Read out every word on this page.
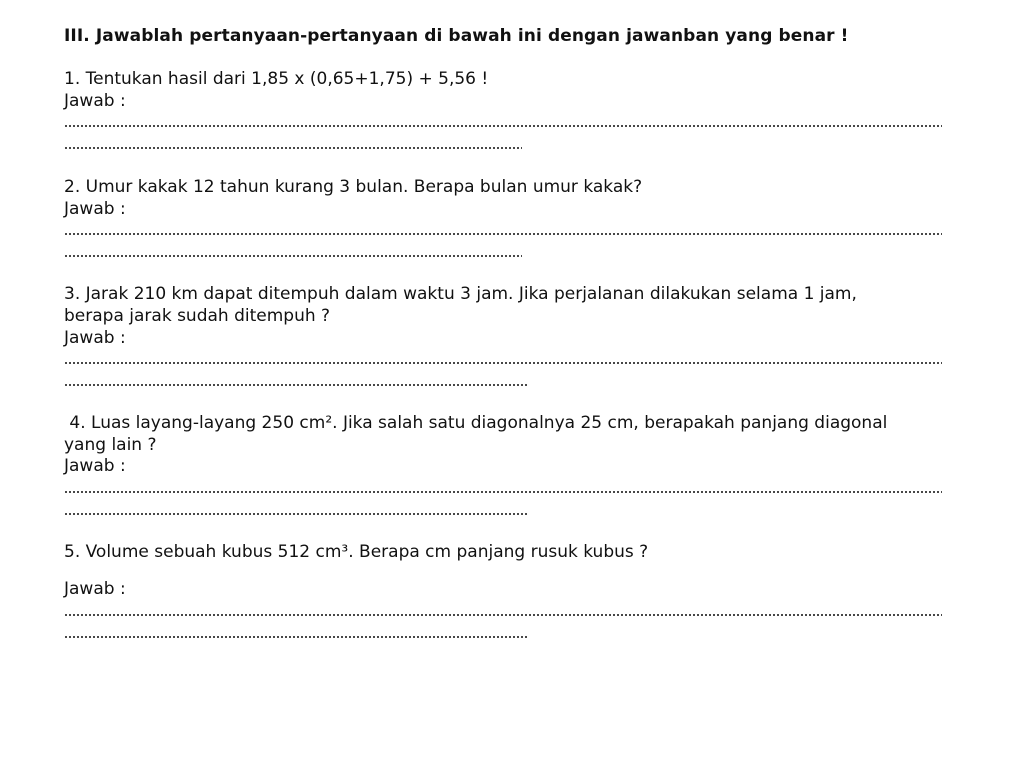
III. Jawablah pertanyaan-pertanyaan di bawah ini dengan jawanban yang benar !
1. Tentukan hasil dari 1,85 x (0,65+1,75) + 5,56 !
Jawab :
2. Umur kakak 12 tahun kurang 3 bulan. Berapa bulan umur kakak?
Jawab :
3. Jarak 210 km dapat ditempuh dalam waktu 3 jam. Jika perjalanan dilakukan selama 1 jam,
berapa jarak sudah ditempuh ?
Jawab :
4. Luas layang-layang 250 cm². Jika salah satu diagonalnya 25 cm, berapakah panjang diagonal
yang lain ?
Jawab :
5. Volume sebuah kubus 512 cm³. Berapa cm panjang rusuk kubus ?
Jawab :
